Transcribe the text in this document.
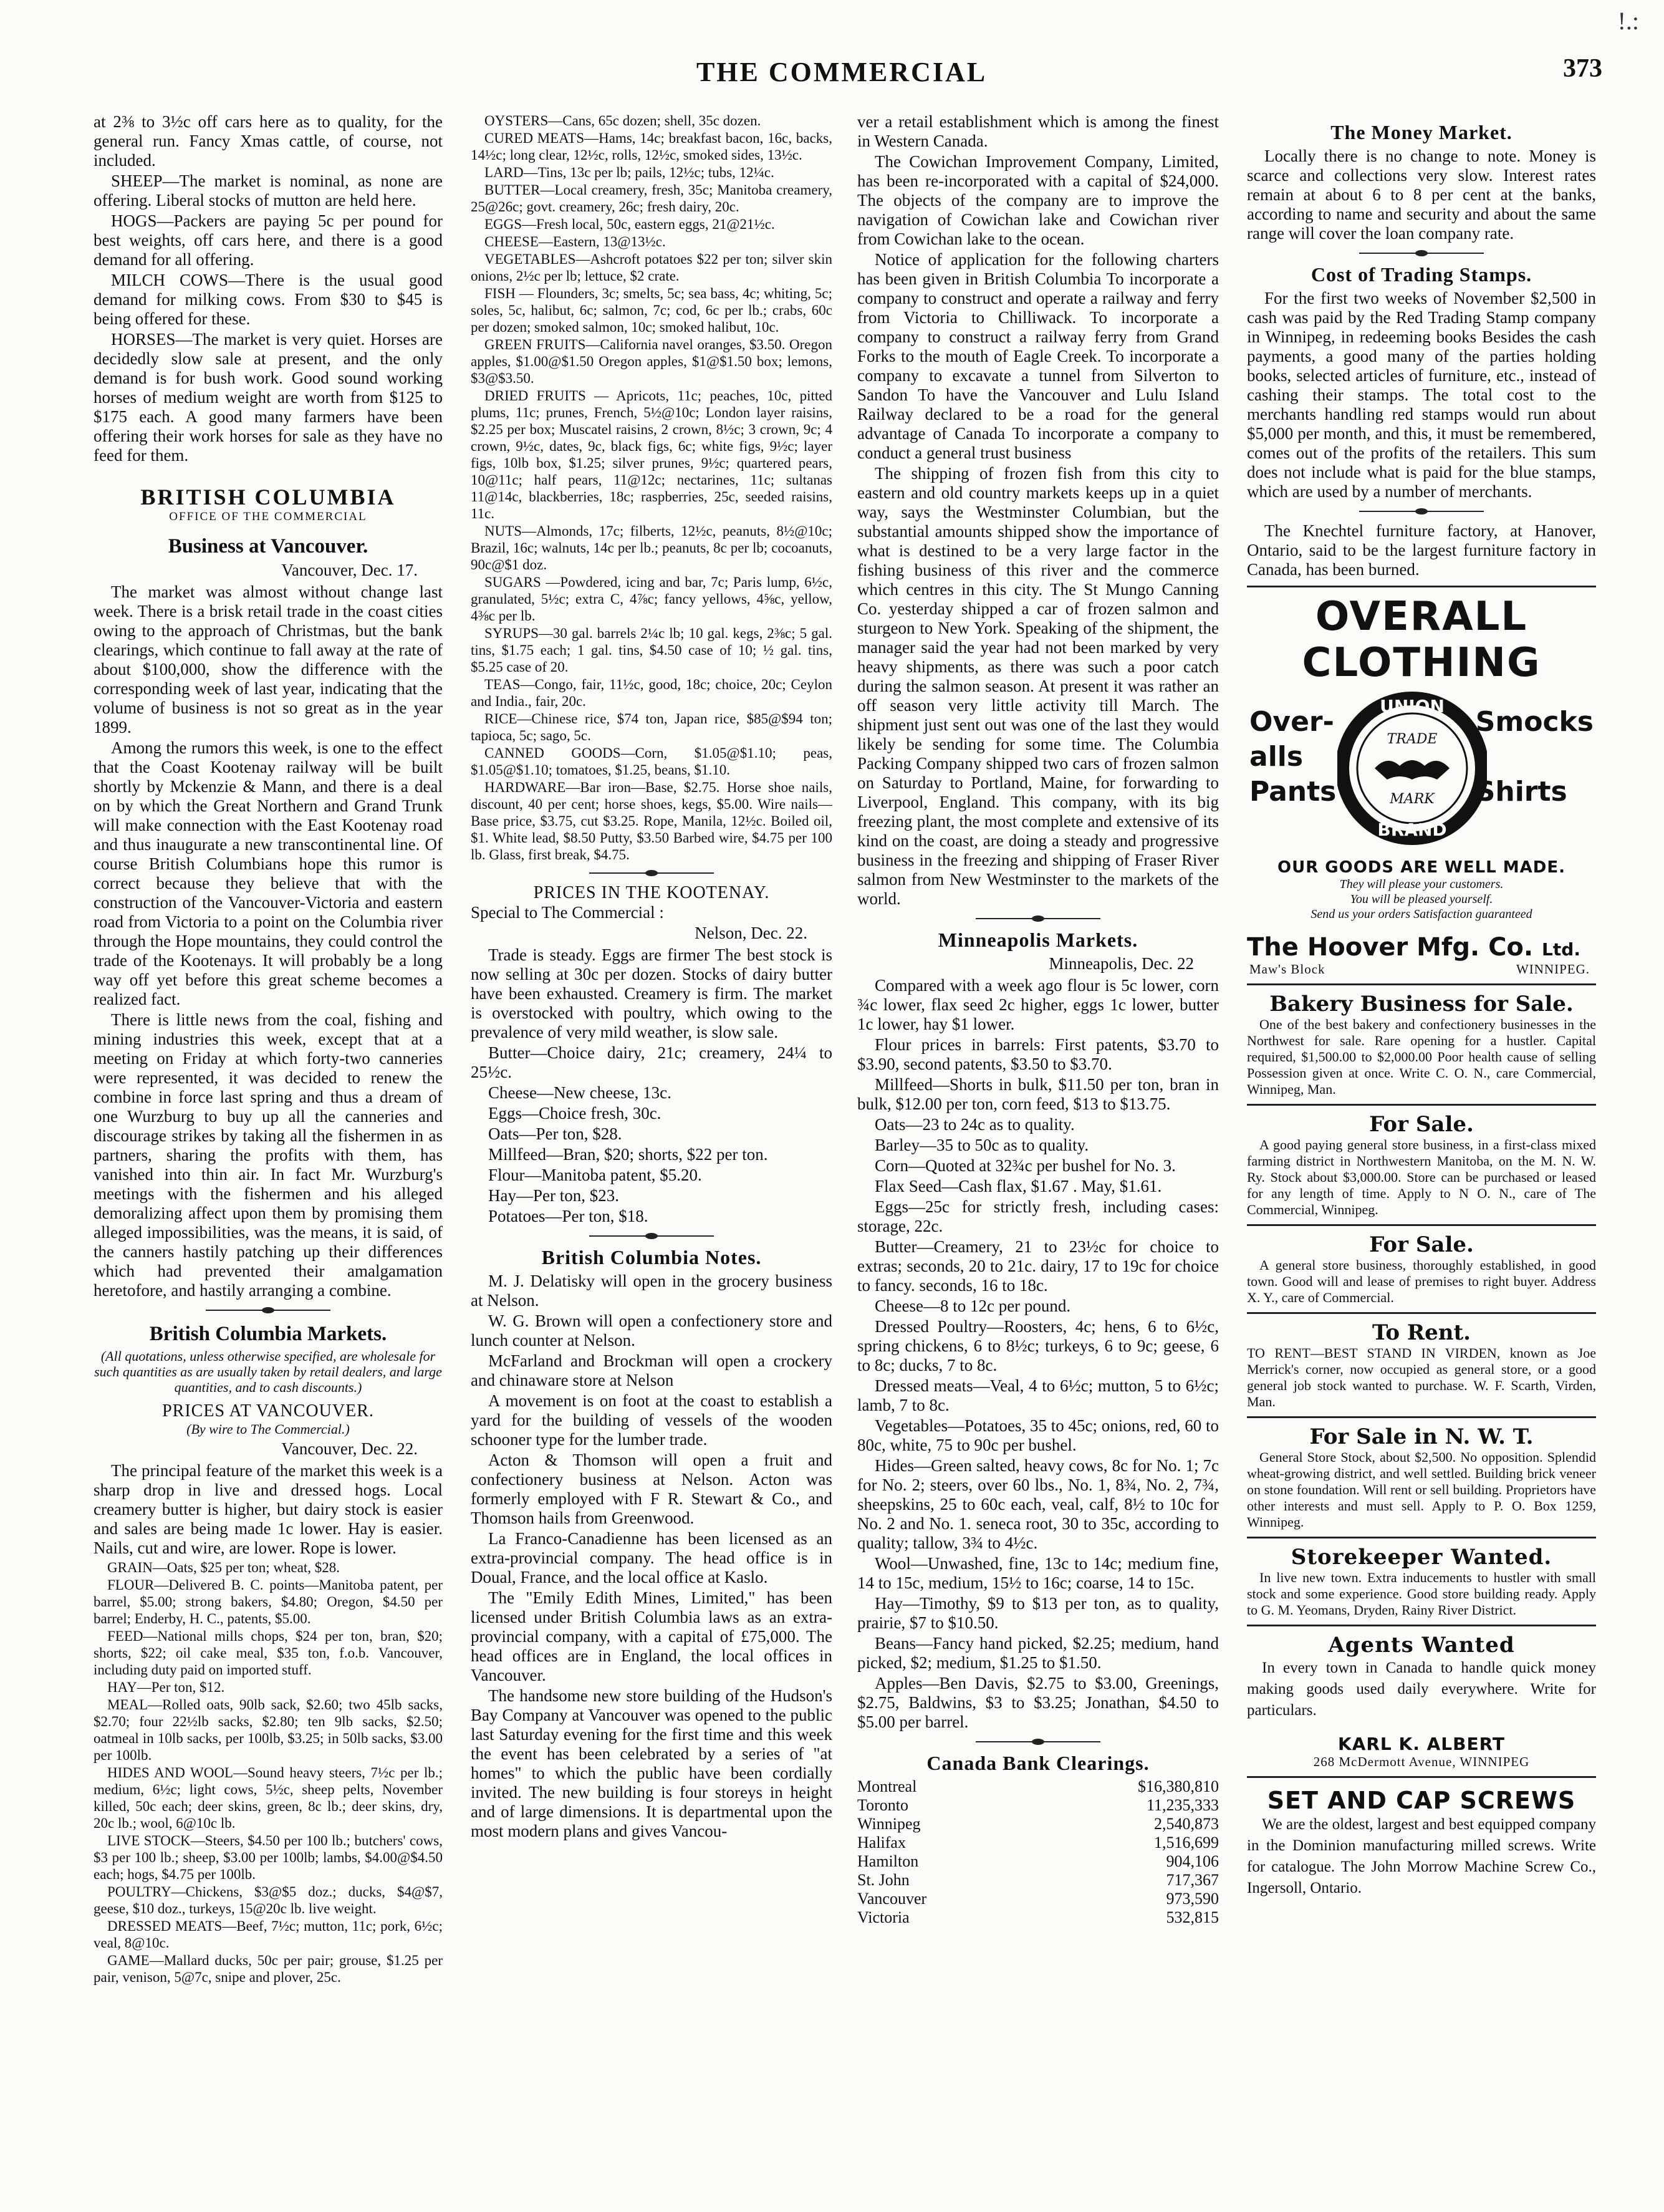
THE COMMERCIAL	373
!.:

at 2⅜ to 3½c off cars here as to quality, for the general run. Fancy Xmas cattle, of course, not included.

SHEEP—The market is nominal, as none are offering. Liberal stocks of mutton are held here.

HOGS—Packers are paying 5c per pound for best weights, off cars here, and there is a good demand for all offering.

MILCH COWS—There is the usual good demand for milking cows. From $30 to $45 is being offered for these.

HORSES—The market is very quiet. Horses are decidedly slow sale at present, and the only demand is for bush work. Good sound working horses of medium weight are worth from $125 to $175 each. A good many farmers have been offering their work horses for sale as they have no feed for them.

BRITISH COLUMBIA
OFFICE OF THE COMMERCIAL
Business at Vancouver.
Vancouver, Dec. 17.

The market was almost without change last week. There is a brisk retail trade in the coast cities owing to the approach of Christmas, but the bank clearings, which continue to fall away at the rate of about $100,000, show the difference with the corresponding week of last year, indicating that the volume of business is not so great as in the year 1899.

Among the rumors this week, is one to the effect that the Coast Kootenay railway will be built shortly by Mckenzie & Mann, and there is a deal on by which the Great Northern and Grand Trunk will make connection with the East Kootenay road and thus inaugurate a new transcontinental line. Of course British Columbians hope this rumor is correct because they believe that with the construction of the Vancouver-Victoria and eastern road from Victoria to a point on the Columbia river through the Hope mountains, they could control the trade of the Kootenays. It will probably be a long way off yet before this great scheme becomes a realized fact.

There is little news from the coal, fishing and mining industries this week, except that at a meeting on Friday at which forty-two canneries were represented, it was decided to renew the combine in force last spring and thus a dream of one Wurzburg to buy up all the canneries and discourage strikes by taking all the fishermen in as partners, sharing the profits with them, has vanished into thin air. In fact Mr. Wurzburg's meetings with the fishermen and his alleged demoralizing affect upon them by promising them alleged impossibilities, was the means, it is said, of the canners hastily patching up their differences which had prevented their amalgamation heretofore, and hastily arranging a combine.

British Columbia Markets.
(All quotations, unless otherwise specified, are wholesale for such quantities as are usually taken by retail dealers, and large quantities, and to cash discounts.)
PRICES AT VANCOUVER.
(By wire to The Commercial.)
Vancouver, Dec. 22.

The principal feature of the market this week is a sharp drop in live and dressed hogs. Local creamery butter is higher, but dairy stock is easier and sales are being made 1c lower. Hay is easier. Nails, cut and wire, are lower. Rope is lower.

GRAIN—Oats, $25 per ton; wheat, $28.

FLOUR—Delivered B. C. points—Manitoba patent, per barrel, $5.00; strong bakers, $4.80; Oregon, $4.50 per barrel; Enderby, H. C., patents, $5.00.

FEED—National mills chops, $24 per ton, bran, $20; shorts, $22; oil cake meal, $35 ton, f.o.b. Vancouver, including duty paid on imported stuff.

HAY—Per ton, $12.

MEAL—Rolled oats, 90lb sack, $2.60; two 45lb sacks, $2.70; four 22½lb sacks, $2.80; ten 9lb sacks, $2.50; oatmeal in 10lb sacks, per 100lb, $3.25; in 50lb sacks, $3.00 per 100lb.

HIDES AND WOOL—Sound heavy steers, 7½c per lb.; medium, 6½c; light cows, 5½c, sheep pelts, November killed, 50c each; deer skins, green, 8c lb.; deer skins, dry, 20c lb.; wool, 6@10c lb.

LIVE STOCK—Steers, $4.50 per 100 lb.; butchers' cows, $3 per 100 lb.; sheep, $3.00 per 100lb; lambs, $4.00@$4.50 each; hogs, $4.75 per 100lb.

POULTRY—Chickens, $3@$5 doz.; ducks, $4@$7, geese, $10 doz., turkeys, 15@20c lb. live weight.

DRESSED MEATS—Beef, 7½c; mutton, 11c; pork, 6½c; veal, 8@10c.

GAME—Mallard ducks, 50c per pair; grouse, $1.25 per pair, venison, 5@7c, snipe and plover, 25c.

OYSTERS—Cans, 65c dozen; shell, 35c dozen.

CURED MEATS—Hams, 14c; breakfast bacon, 16c, backs, 14½c; long clear, 12½c, rolls, 12½c, smoked sides, 13½c.

LARD—Tins, 13c per lb; pails, 12½c; tubs, 12¼c.

BUTTER—Local creamery, fresh, 35c; Manitoba creamery, 25@26c; govt. creamery, 26c; fresh dairy, 20c.

EGGS—Fresh local, 50c, eastern eggs, 21@21½c.

CHEESE—Eastern, 13@13½c.

VEGETABLES—Ashcroft potatoes $22 per ton; silver skin onions, 2½c per lb; lettuce, $2 crate.

FISH — Flounders, 3c; smelts, 5c; sea bass, 4c; whiting, 5c; soles, 5c, halibut, 6c; salmon, 7c; cod, 6c per lb.; crabs, 60c per dozen; smoked salmon, 10c; smoked halibut, 10c.

GREEN FRUITS—California navel oranges, $3.50. Oregon apples, $1.00@$1.50 Oregon apples, $1@$1.50 box; lemons, $3@$3.50.

DRIED FRUITS — Apricots, 11c; peaches, 10c, pitted plums, 11c; prunes, French, 5½@10c; London layer raisins, $2.25 per box; Muscatel raisins, 2 crown, 8½c; 3 crown, 9c; 4 crown, 9½c, dates, 9c, black figs, 6c; white figs, 9½c; layer figs, 10lb box, $1.25; silver prunes, 9½c; quartered pears, 10@11c; half pears, 11@12c; nectarines, 11c; sultanas 11@14c, blackberries, 18c; raspberries, 25c, seeded raisins, 11c.

NUTS—Almonds, 17c; filberts, 12½c, peanuts, 8½@10c; Brazil, 16c; walnuts, 14c per lb.; peanuts, 8c per lb; cocoanuts, 90c@$1 doz.

SUGARS —Powdered, icing and bar, 7c; Paris lump, 6½c, granulated, 5½c; extra C, 4⅞c; fancy yellows, 4⅝c, yellow, 4⅜c per lb.

SYRUPS—30 gal. barrels 2¼c lb; 10 gal. kegs, 2⅜c; 5 gal. tins, $1.75 each; 1 gal. tins, $4.50 case of 10; ½ gal. tins, $5.25 case of 20.

TEAS—Congo, fair, 11½c, good, 18c; choice, 20c; Ceylon and India., fair, 20c.

RICE—Chinese rice, $74 ton, Japan rice, $85@$94 ton; tapioca, 5c; sago, 5c.

CANNED GOODS—Corn, $1.05@$1.10; peas, $1.05@$1.10; tomatoes, $1.25, beans, $1.10.

HARDWARE—Bar iron—Base, $2.75. Horse shoe nails, discount, 40 per cent; horse shoes, kegs, $5.00. Wire nails—Base price, $3.75, cut $3.25. Rope, Manila, 12½c. Boiled oil, $1. White lead, $8.50 Putty, $3.50 Barbed wire, $4.75 per 100 lb. Glass, first break, $4.75.

PRICES IN THE KOOTENAY.

Special to The Commercial :

Nelson, Dec. 22.

Trade is steady. Eggs are firmer The best stock is now selling at 30c per dozen. Stocks of dairy butter have been exhausted. Creamery is firm. The market is overstocked with poultry, which owing to the prevalence of very mild weather, is slow sale.

Butter—Choice dairy, 21c; creamery, 24¼ to 25½c.

Cheese—New cheese, 13c.

Eggs—Choice fresh, 30c.

Oats—Per ton, $28.

Millfeed—Bran, $20; shorts, $22 per ton.

Flour—Manitoba patent, $5.20.

Hay—Per ton, $23.

Potatoes—Per ton, $18.

British Columbia Notes.

M. J. Delatisky will open in the grocery business at Nelson.

W. G. Brown will open a confectionery store and lunch counter at Nelson.

McFarland and Brockman will open a crockery and chinaware store at Nelson

A movement is on foot at the coast to establish a yard for the building of vessels of the wooden schooner type for the lumber trade.

Acton & Thomson will open a fruit and confectionery business at Nelson. Acton was formerly employed with F R. Stewart & Co., and Thomson hails from Greenwood.

La Franco-Canadienne has been licensed as an extra-provincial company. The head office is in Doual, France, and the local office at Kaslo.

The "Emily Edith Mines, Limited," has been licensed under British Columbia laws as an extra-provincial company, with a capital of £75,000. The head offices are in England, the local offices in Vancouver.

The handsome new store building of the Hudson's Bay Company at Vancouver was opened to the public last Saturday evening for the first time and this week the event has been celebrated by a series of "at homes" to which the public have been cordially invited. The new building is four storeys in height and of large dimensions. It is departmental upon the most modern plans and gives Vancou-

ver a retail establishment which is among the finest in Western Canada.

The Cowichan Improvement Company, Limited, has been re-incorporated with a capital of $24,000. The objects of the company are to improve the navigation of Cowichan lake and Cowichan river from Cowichan lake to the ocean.

Notice of application for the following charters has been given in British Columbia To incorporate a company to construct and operate a railway and ferry from Victoria to Chilliwack. To incorporate a company to construct a railway ferry from Grand Forks to the mouth of Eagle Creek. To incorporate a company to excavate a tunnel from Silverton to Sandon To have the Vancouver and Lulu Island Railway declared to be a road for the general advantage of Canada To incorporate a company to conduct a general trust business

The shipping of frozen fish from this city to eastern and old country markets keeps up in a quiet way, says the Westminster Columbian, but the substantial amounts shipped show the importance of what is destined to be a very large factor in the fishing business of this river and the commerce which centres in this city. The St Mungo Canning Co. yesterday shipped a car of frozen salmon and sturgeon to New York. Speaking of the shipment, the manager said the year had not been marked by very heavy shipments, as there was such a poor catch during the salmon season. At present it was rather an off season very little activity till March. The shipment just sent out was one of the last they would likely be sending for some time. The Columbia Packing Company shipped two cars of frozen salmon on Saturday to Portland, Maine, for forwarding to Liverpool, England. This company, with its big freezing plant, the most complete and extensive of its kind on the coast, are doing a steady and progressive business in the freezing and shipping of Fraser River salmon from New Westminster to the markets of the world.

Minneapolis Markets.
Minneapolis, Dec. 22

Compared with a week ago flour is 5c lower, corn ¾c lower, flax seed 2c higher, eggs 1c lower, butter 1c lower, hay $1 lower.

Flour prices in barrels: First patents, $3.70 to $3.90, second patents, $3.50 to $3.70.

Millfeed—Shorts in bulk, $11.50 per ton, bran in bulk, $12.00 per ton, corn feed, $13 to $13.75.

Oats—23 to 24c as to quality.

Barley—35 to 50c as to quality.

Corn—Quoted at 32¾c per bushel for No. 3.

Flax Seed—Cash flax, $1.67 . May, $1.61.

Eggs—25c for strictly fresh, including cases: storage, 22c.

Butter—Creamery, 21 to 23½c for choice to extras; seconds, 20 to 21c. dairy, 17 to 19c for choice to fancy. seconds, 16 to 18c.

Cheese—8 to 12c per pound.

Dressed Poultry—Roosters, 4c; hens, 6 to 6½c, spring chickens, 6 to 8½c; turkeys, 6 to 9c; geese, 6 to 8c; ducks, 7 to 8c.

Dressed meats—Veal, 4 to 6½c; mutton, 5 to 6½c; lamb, 7 to 8c.

Vegetables—Potatoes, 35 to 45c; onions, red, 60 to 80c, white, 75 to 90c per bushel.

Hides—Green salted, heavy cows, 8c for No. 1; 7c for No. 2; steers, over 60 lbs., No. 1, 8¾, No. 2, 7¾, sheepskins, 25 to 60c each, veal, calf, 8½ to 10c for No. 2 and No. 1. seneca root, 30 to 35c, according to quality; tallow, 3¾ to 4½c.

Wool—Unwashed, fine, 13c to 14c; medium fine, 14 to 15c, medium, 15½ to 16c; coarse, 14 to 15c.

Hay—Timothy, $9 to $13 per ton, as to quality, prairie, $7 to $10.50.

Beans—Fancy hand picked, $2.25; medium, hand picked, $2; medium, $1.25 to $1.50.

Apples—Ben Davis, $2.75 to $3.00, Greenings, $2.75, Baldwins, $3 to $3.25; Jonathan, $4.50 to $5.00 per barrel.

Canada Bank Clearings.
Montreal	$16,380,810
Toronto	11,235,333
Winnipeg	2,540,873
Halifax	1,516,699
Hamilton	904,106
St. John	717,367
Vancouver	973,590
Victoria	532,815
The Money Market.

Locally there is no change to note. Money is scarce and collections very slow. Interest rates remain at about 6 to 8 per cent at the banks, according to name and security and about the same range will cover the loan company rate.

Cost of Trading Stamps.

For the first two weeks of November $2,500 in cash was paid by the Red Trading Stamp company in Winnipeg, in redeeming books Besides the cash payments, a good many of the parties holding books, selected articles of furniture, etc., instead of cashing their stamps. The total cost to the merchants handling red stamps would run about $5,000 per month, and this, it must be remembered, comes out of the profits of the retailers. This sum does not include what is paid for the blue stamps, which are used by a number of merchants.

The Knechtel furniture factory, at Hanover, Ontario, said to be the largest furniture factory in Canada, has been burned.

OVERALL CLOTHING
Over-
alls
Pants
UNION
TRADE
MARK
BRAND
Smocks
Shirts
OUR GOODS ARE WELL MADE.
They will please your customers.
You will be pleased yourself.
Send us your orders Satisfaction guaranteed
The Hoover Mfg. Co. Ltd.
Maw's Block	WINNIPEG.
Bakery Business for Sale.

One of the best bakery and confectionery businesses in the Northwest for sale. Rare opening for a hustler. Capital required, $1,500.00 to $2,000.00 Poor health cause of selling Possession given at once. Write C. O. N., care Commercial, Winnipeg, Man.

For Sale.

A good paying general store business, in a first-class mixed farming district in Northwestern Manitoba, on the M. N. W. Ry. Stock about $3,000.00. Store can be purchased or leased for any length of time. Apply to N O. N., care of The Commercial, Winnipeg.

For Sale.

A general store business, thoroughly established, in good town. Good will and lease of premises to right buyer. Address X. Y., care of Commercial.

To Rent.

TO RENT—BEST STAND IN VIRDEN, known as Joe Merrick's corner, now occupied as general store, or a good general job stock wanted to purchase. W. F. Scarth, Virden, Man.

For Sale in N. W. T.

General Store Stock, about $2,500. No opposition. Splendid wheat-growing district, and well settled. Building brick veneer on stone foundation. Will rent or sell building. Proprietors have other interests and must sell. Apply to P. O. Box 1259, Winnipeg.

Storekeeper Wanted.

In live new town. Extra inducements to hustler with small stock and some experience. Good store building ready. Apply to G. M. Yeomans, Dryden, Rainy River District.

Agents Wanted

In every town in Canada to handle quick money making goods used daily everywhere. Write for particulars.

KARL K. ALBERT
268 McDermott Avenue, WINNIPEG
SET AND CAP SCREWS

We are the oldest, largest and best equipped company in the Dominion manufacturing milled screws. Write for catalogue. The John Morrow Machine Screw Co., Ingersoll, Ontario.
